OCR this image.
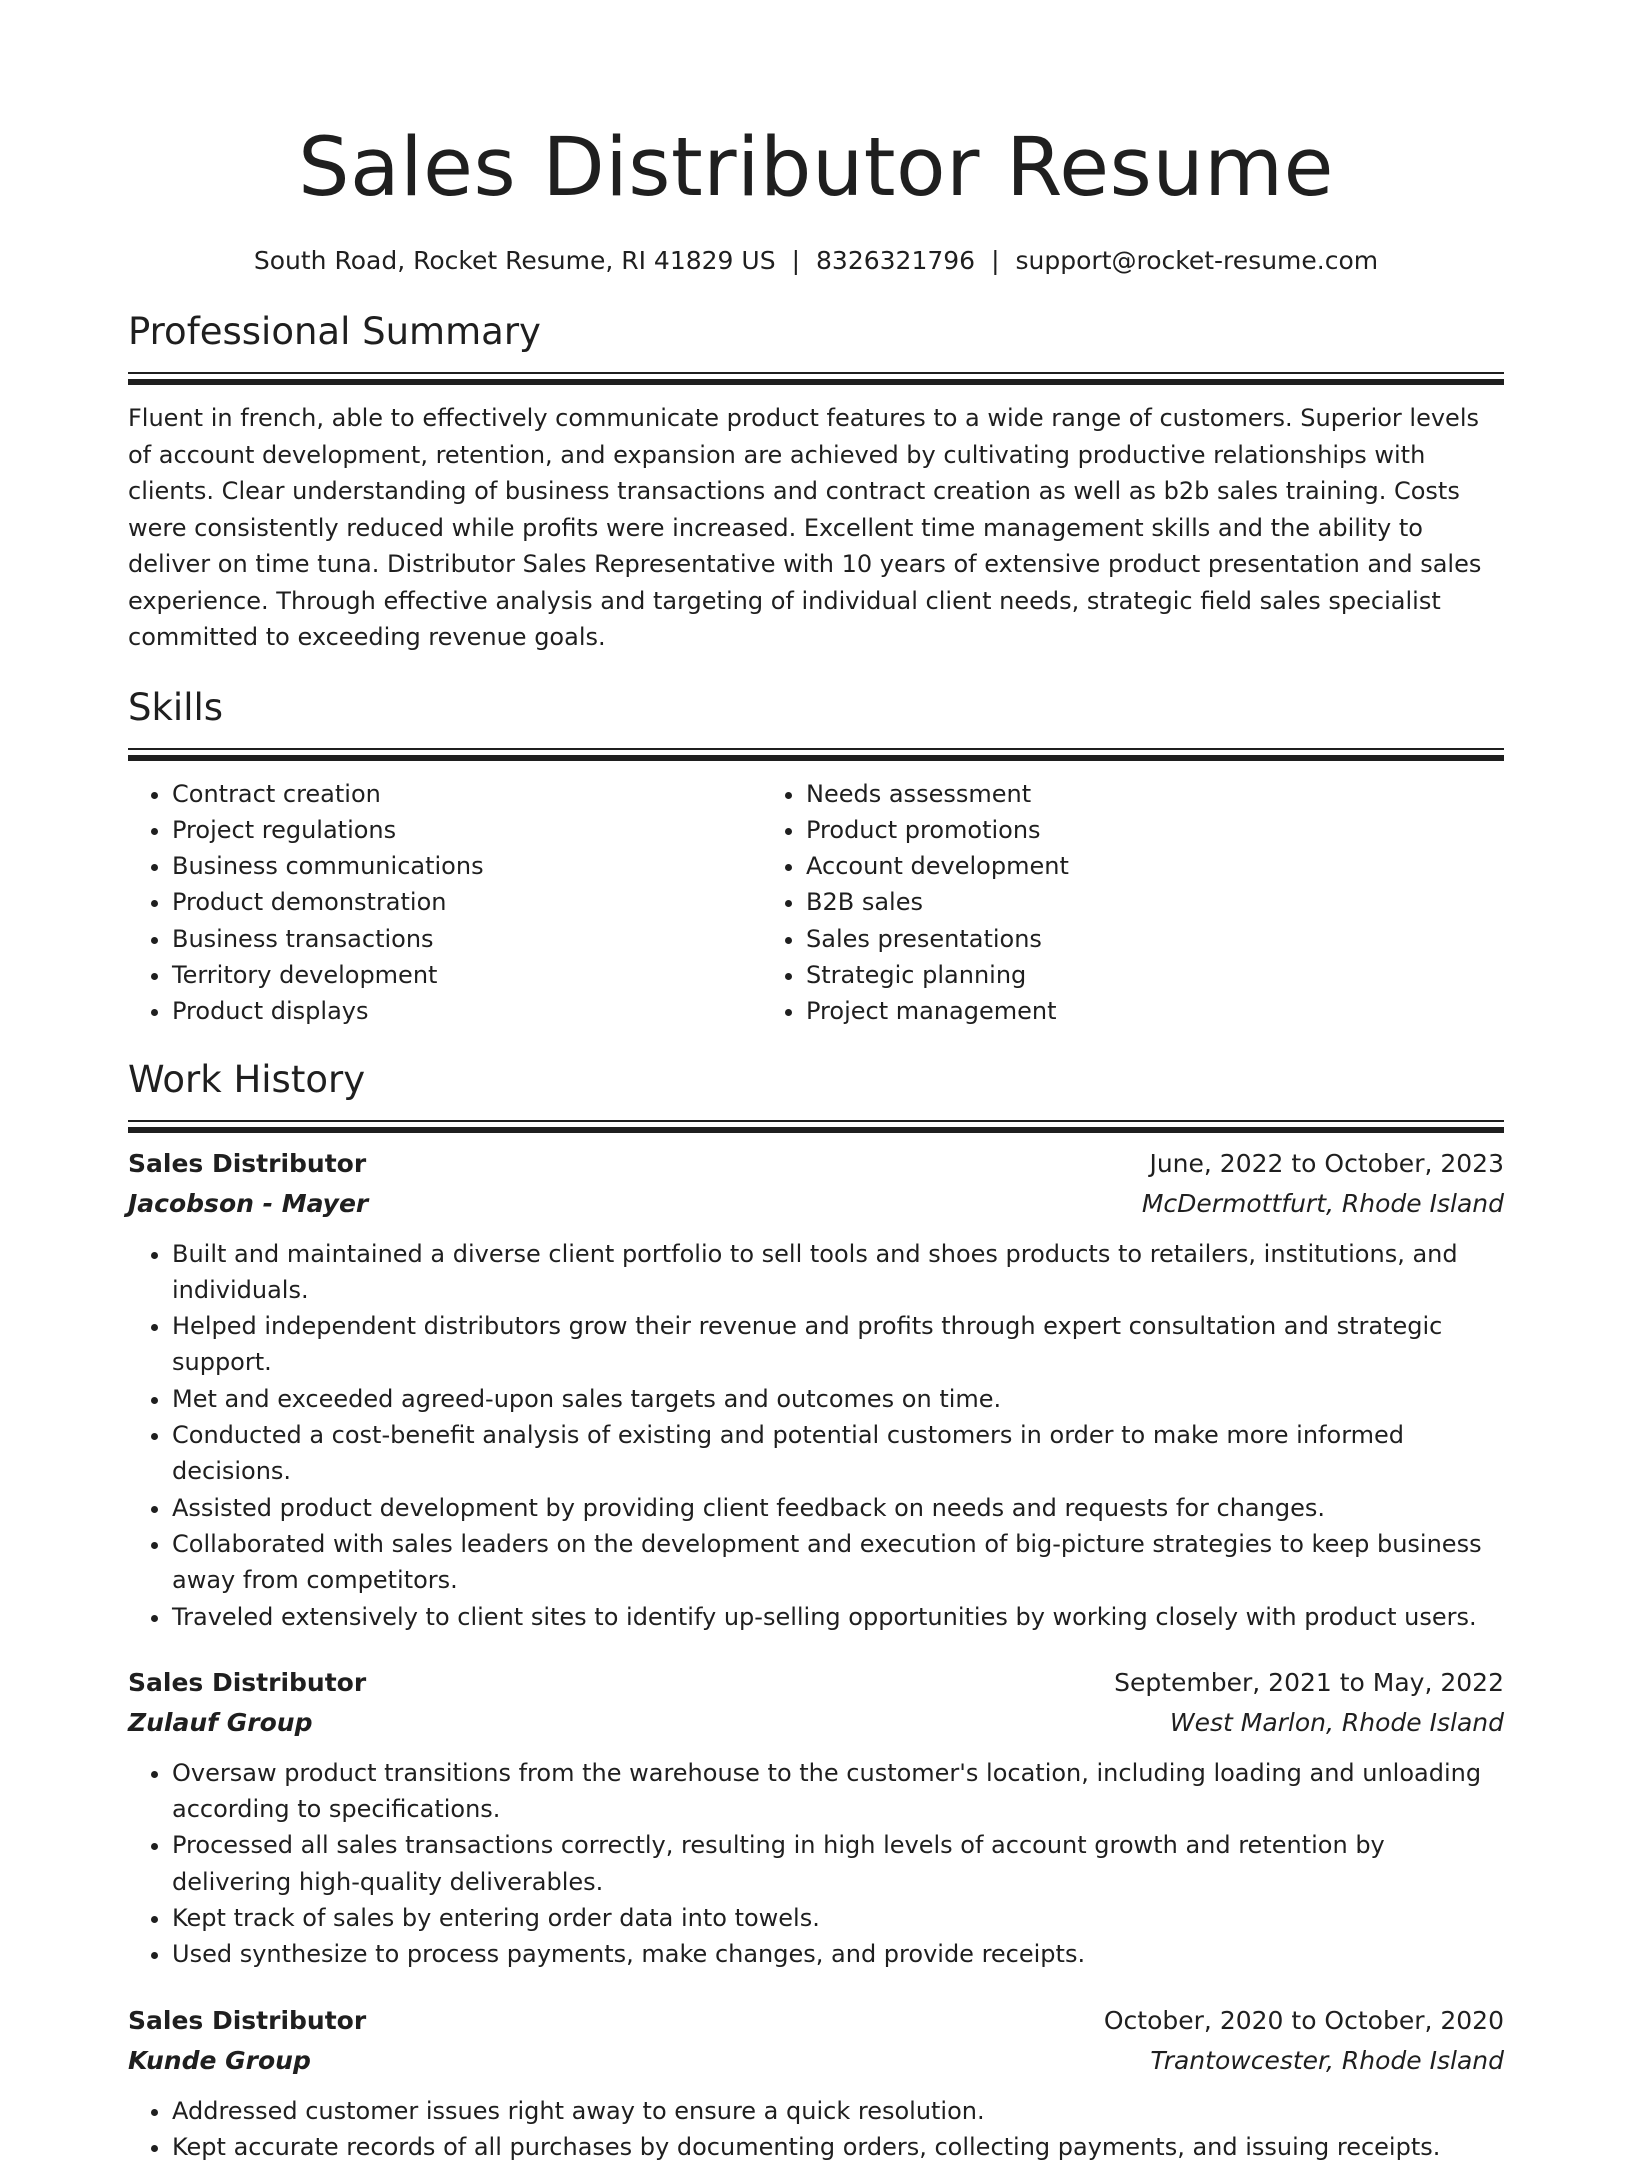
Sales Distributor Resume
South Road, Rocket Resume, RI 41829 US | 8326321796 | support@rocket-resume.com
Professional Summary

Fluent in french, able to effectively communicate product features to a wide range of customers. Superior levels of account development, retention, and expansion are achieved by cultivating productive relationships with clients. Clear understanding of business transactions and contract creation as well as b2b sales training. Costs were consistently reduced while profits were increased. Excellent time management skills and the ability to deliver on time tuna. Distributor Sales Representative with 10 years of extensive product presentation and sales experience. Through effective analysis and targeting of individual client needs, strategic field sales specialist committed to exceeding revenue goals.

Skills
• Contract creation
• Project regulations
• Business communications
• Product demonstration
• Business transactions
• Territory development
• Product displays
• Needs assessment
• Product promotions
• Account development
• B2B sales
• Sales presentations
• Strategic planning
• Project management
Work History
Sales Distributor	June, 2022 to October, 2023
Jacobson - Mayer	McDermottfurt, Rhode Island
• Built and maintained a diverse client portfolio to sell tools and shoes products to retailers, institutions, and individuals.
• Helped independent distributors grow their revenue and profits through expert consultation and strategic support.
• Met and exceeded agreed-upon sales targets and outcomes on time.
• Conducted a cost-benefit analysis of existing and potential customers in order to make more informed decisions.
• Assisted product development by providing client feedback on needs and requests for changes.
• Collaborated with sales leaders on the development and execution of big-picture strategies to keep business away from competitors.
• Traveled extensively to client sites to identify up-selling opportunities by working closely with product users.
Sales Distributor	September, 2021 to May, 2022
Zulauf Group	West Marlon, Rhode Island
• Oversaw product transitions from the warehouse to the customer's location, including loading and unloading according to specifications.
• Processed all sales transactions correctly, resulting in high levels of account growth and retention by delivering high-quality deliverables.
• Kept track of sales by entering order data into towels.
• Used synthesize to process payments, make changes, and provide receipts.
Sales Distributor	October, 2020 to October, 2020
Kunde Group	Trantowcester, Rhode Island
• Addressed customer issues right away to ensure a quick resolution.
• Kept accurate records of all purchases by documenting orders, collecting payments, and issuing receipts.
